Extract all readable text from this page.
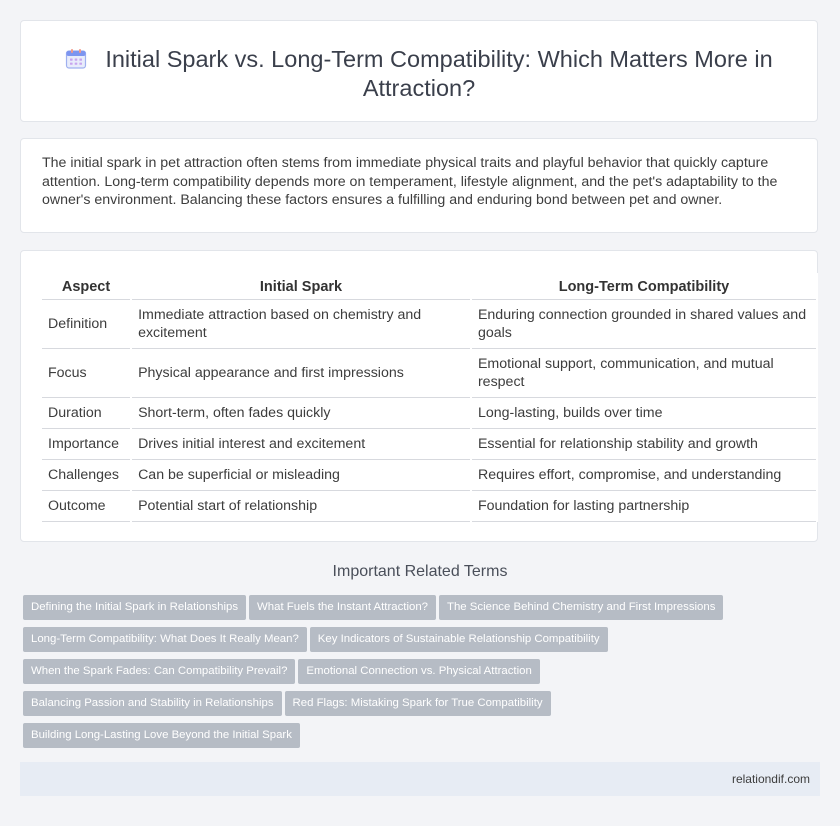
Initial Spark vs. Long-Term Compatibility: Which Matters More in Attraction?
The initial spark in pet attraction often stems from immediate physical traits and playful behavior that quickly capture attention. Long-term compatibility depends more on temperament, lifestyle alignment, and the pet's adaptability to the owner's environment. Balancing these factors ensures a fulfilling and enduring bond between pet and owner.
Aspect	Initial Spark	Long-Term Compatibility
Definition	Immediate attraction based on chemistry and excitement	Enduring connection grounded in shared values and goals
Focus	Physical appearance and first impressions	Emotional support, communication, and mutual respect
Duration	Short-term, often fades quickly	Long-lasting, builds over time
Importance	Drives initial interest and excitement	Essential for relationship stability and growth
Challenges	Can be superficial or misleading	Requires effort, compromise, and understanding
Outcome	Potential start of relationship	Foundation for lasting partnership
Important Related Terms
Defining the Initial Spark in Relationships What Fuels the Instant Attraction? The Science Behind Chemistry and First Impressions
Long-Term Compatibility: What Does It Really Mean? Key Indicators of Sustainable Relationship Compatibility
When the Spark Fades: Can Compatibility Prevail? Emotional Connection vs. Physical Attraction
Balancing Passion and Stability in Relationships Red Flags: Mistaking Spark for True Compatibility
Building Long-Lasting Love Beyond the Initial Spark
relationdif.com
